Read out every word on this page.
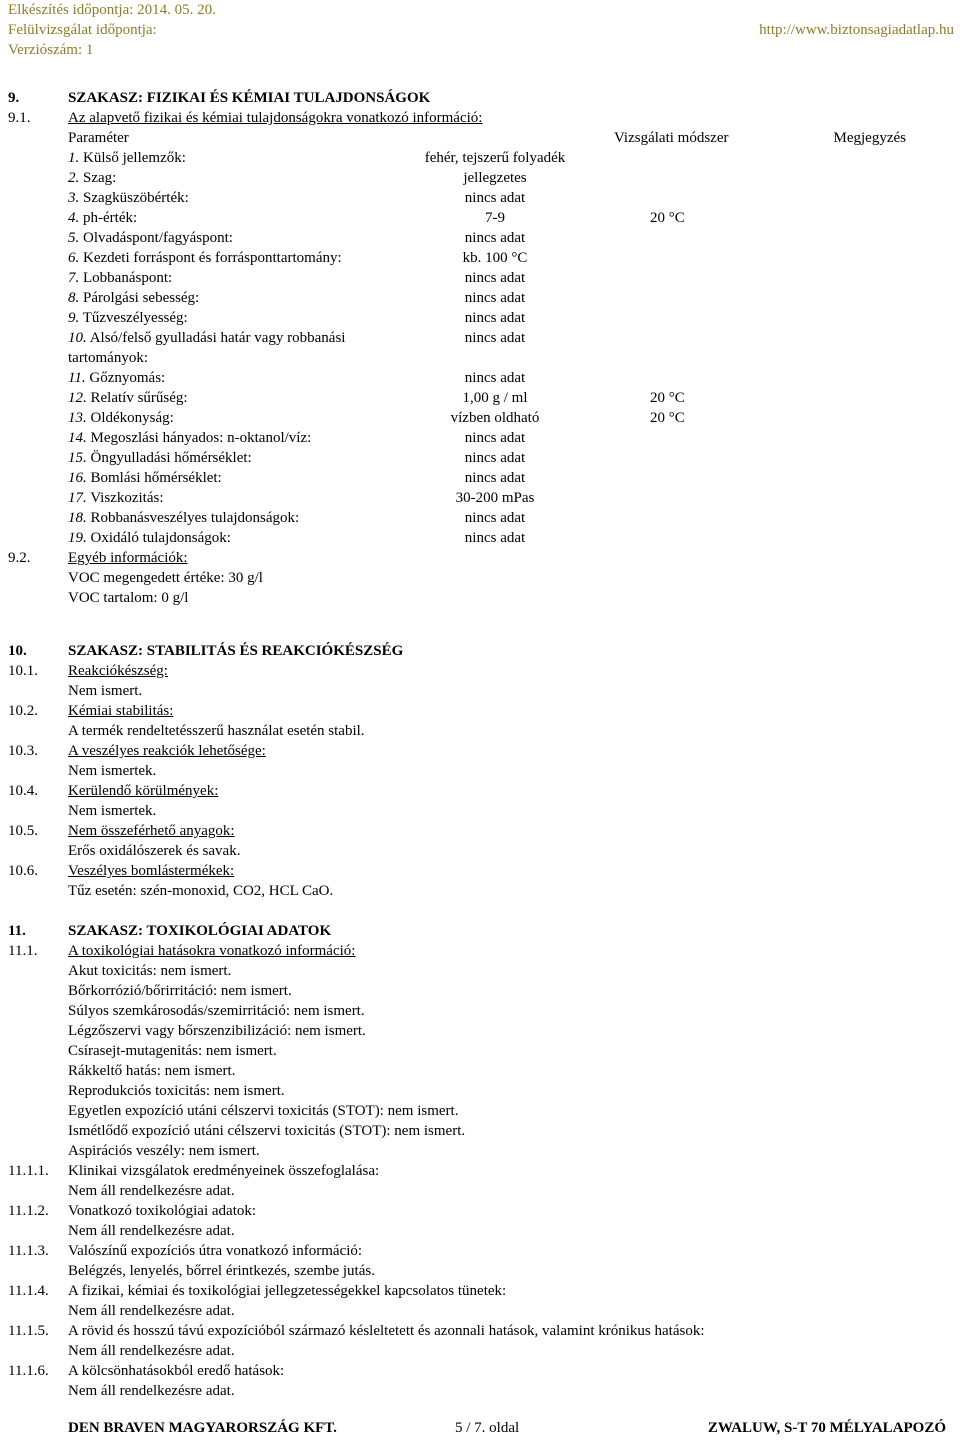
Elkészítés időpontja: 2014. 05. 20.
Felülvizsgálat időpontja:	http://www.biztonsagiadatlap.hu
Verziószám: 1
9.	SZAKASZ: FIZIKAI ÉS KÉMIAI TULAJDONSÁGOK
9.1.	Az alapvető fizikai és kémiai tulajdonságokra vonatkozó információ:
Paraméter	Vizsgálati módszer	Megjegyzés
1. Külső jellemzők:	fehér, tejszerű folyadék
2. Szag:	jellegzetes
3. Szagküszöbérték:	nincs adat
4. ph-érték:	7-9	20 °C
5. Olvadáspont/fagyáspont:	nincs adat
6. Kezdeti forráspont és forrásponttartomány:	kb. 100 °C
7. Lobbanáspont:	nincs adat
8. Párolgási sebesség:	nincs adat
9. Tűzveszélyesség:	nincs adat
10. Alsó/felső gyulladási határ vagy robbanási	nincs adat
tartományok:
11. Gőznyomás:	nincs adat
12. Relatív sűrűség:	1,00 g / ml	20 °C
13. Oldékonyság:	vízben oldható	20 °C
14. Megoszlási hányados: n-oktanol/víz:	nincs adat
15. Öngyulladási hőmérséklet:	nincs adat
16. Bomlási hőmérséklet:	nincs adat
17. Viszkozitás:	30-200 mPas
18. Robbanásveszélyes tulajdonságok:	nincs adat
19. Oxidáló tulajdonságok:	nincs adat
9.2.	Egyéb információk:
VOC megengedett értéke: 30 g/l
VOC tartalom: 0 g/l
10.	SZAKASZ: STABILITÁS ÉS REAKCIÓKÉSZSÉG
10.1. Reakciókészség:
Nem ismert.
10.2. Kémiai stabilitás:
A termék rendeltetésszerű használat esetén stabil.
10.3. A veszélyes reakciók lehetősége:
Nem ismertek.
10.4. Kerülendő körülmények:
Nem ismertek.
10.5. Nem összeférhető anyagok:
Erős oxidálószerek és savak.
10.6. Veszélyes bomlástermékek:
Tűz esetén: szén-monoxid, CO2, HCL CaO.
11.	SZAKASZ: TOXIKOLÓGIAI ADATOK
11.1. A toxikológiai hatásokra vonatkozó információ:
Akut toxicitás: nem ismert.
Bőrkorrózió/bőrirritáció: nem ismert.
Súlyos szemkárosodás/szemirritáció: nem ismert.
Légzőszervi vagy bőrszenzibilizáció: nem ismert.
Csírasejt-mutagenitás: nem ismert.
Rákkeltő hatás: nem ismert.
Reprodukciós toxicitás: nem ismert.
Egyetlen expozíció utáni célszervi toxicitás (STOT): nem ismert.
Ismétlődő expozíció utáni célszervi toxicitás (STOT): nem ismert.
Aspirációs veszély: nem ismert.
11.1.1. Klinikai vizsgálatok eredményeinek összefoglalása:
Nem áll rendelkezésre adat.
11.1.2. Vonatkozó toxikológiai adatok:
Nem áll rendelkezésre adat.
11.1.3. Valószínű expozíciós útra vonatkozó információ:
Belégzés, lenyelés, bőrrel érintkezés, szembe jutás.
11.1.4. A fizikai, kémiai és toxikológiai jellegzetességekkel kapcsolatos tünetek:
Nem áll rendelkezésre adat.
11.1.5. A rövid és hosszú távú expozícióból származó késleltetett és azonnali hatások, valamint krónikus hatások:
Nem áll rendelkezésre adat.
11.1.6. A kölcsönhatásokból eredő hatások:
Nem áll rendelkezésre adat.
DEN BRAVEN MAGYARORSZÁG KFT.	5 / 7. oldal	ZWALUW, S-T 70 MÉLYALAPOZÓ
